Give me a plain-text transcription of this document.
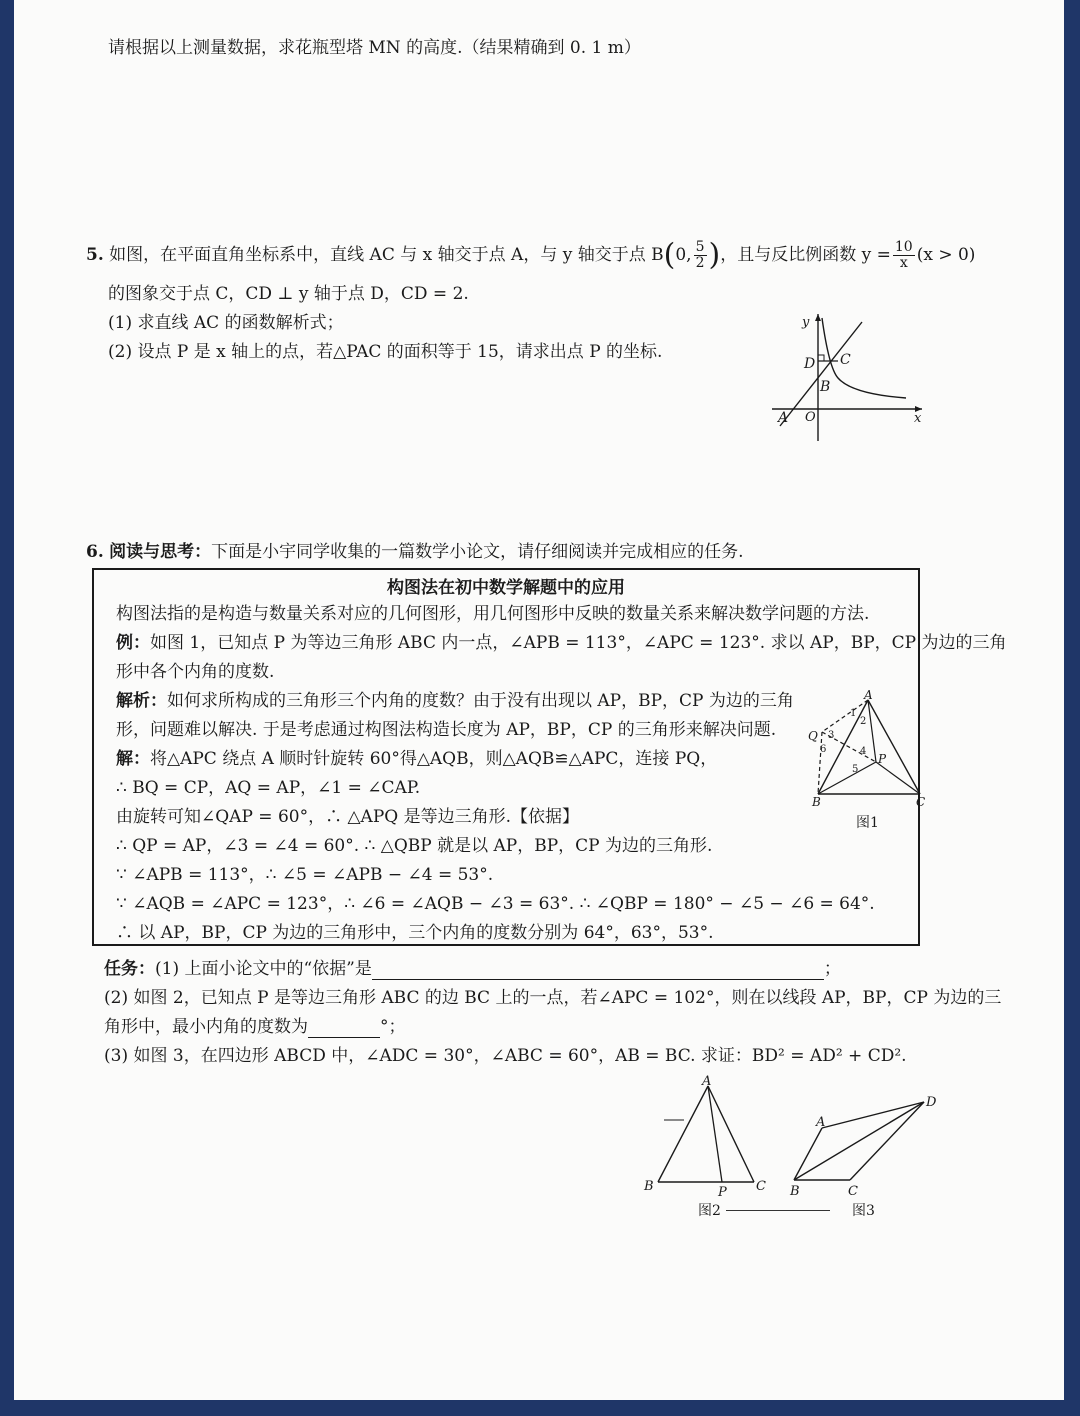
请根据以上测量数据，求花瓶型塔 MN 的高度.（结果精确到 0. 1 m）
5. 如图，在平面直角坐标系中，直线 AC 与 x 轴交于点 A，与 y 轴交于点 B(0, $\frac{5}{2}$ )，且与反比例函数 $y = \frac{10}{x} (x > 0)$
的图象交于点 C，CD ⊥ y 轴于点 D，CD = 2.
(1) 求直线 AC 的函数解析式；
(2) 设点 P 是 x 轴上的点，若△PAC 的面积等于 15，请求出点 P 的坐标.
y
x
D C
B
A O
6. 阅读与思考：下面是小宇同学收集的一篇数学小论文，请仔细阅读并完成相应的任务.
构图法在初中数学解题中的应用
构图法指的是构造与数量关系对应的几何图形，用几何图形中反映的数量关系来解决数学问题的方法.
例：如图 1，已知点 P 为等边三角形 ABC 内一点，∠APB = 113°，∠APC = 123°. 求以 AP，BP，CP 为边的三角
形中各个内角的度数.
解析：如何求所构成的三角形三个内角的度数？由于没有出现以 AP，BP，CP 为边的三角
形，问题难以解决. 于是考虑通过构图法构造长度为 AP，BP，CP 的三角形来解决问题.
解：将△APC 绕点 A 顺时针旋转 60°得△AQB，则△AQB≌△APC，连接 PQ，
∴ BQ = CP，AQ = AP，∠1 = ∠CAP.
由旋转可知∠QAP = 60°，∴ △APQ 是等边三角形.【依据】
∴ QP = AP，∠3 = ∠4 = 60°. ∴ △QBP 就是以 AP，BP，CP 为边的三角形.
∵ ∠APB = 113°，∴ ∠5 = ∠APB − ∠4 = 53°.
∵ ∠AQB = ∠APC = 123°，∴ ∠6 = ∠AQB − ∠3 = 63°. ∴ ∠QBP = 180° − ∠5 − ∠6 = 64°.
∴ 以 AP，BP，CP 为边的三角形中，三个内角的度数分别为 64°，63°，53°.
A
Q
B	C
P
1
2
3
4
5
6
图1
任务：(1) 上面小论文中的“依据”是	；
(2) 如图 2，已知点 P 是等边三角形 ABC 的边 BC 上的一点，若∠APC = 102°，则在以线段 AP，BP，CP 为边的三
角形中，最小内角的度数为	°；
(3) 如图 3，在四边形 ABCD 中，∠ADC = 30°，∠ABC = 60°，AB = BC. 求证：BD² = AD² + CD².
A
B	C
P
图2
A
B	C
D
图3
